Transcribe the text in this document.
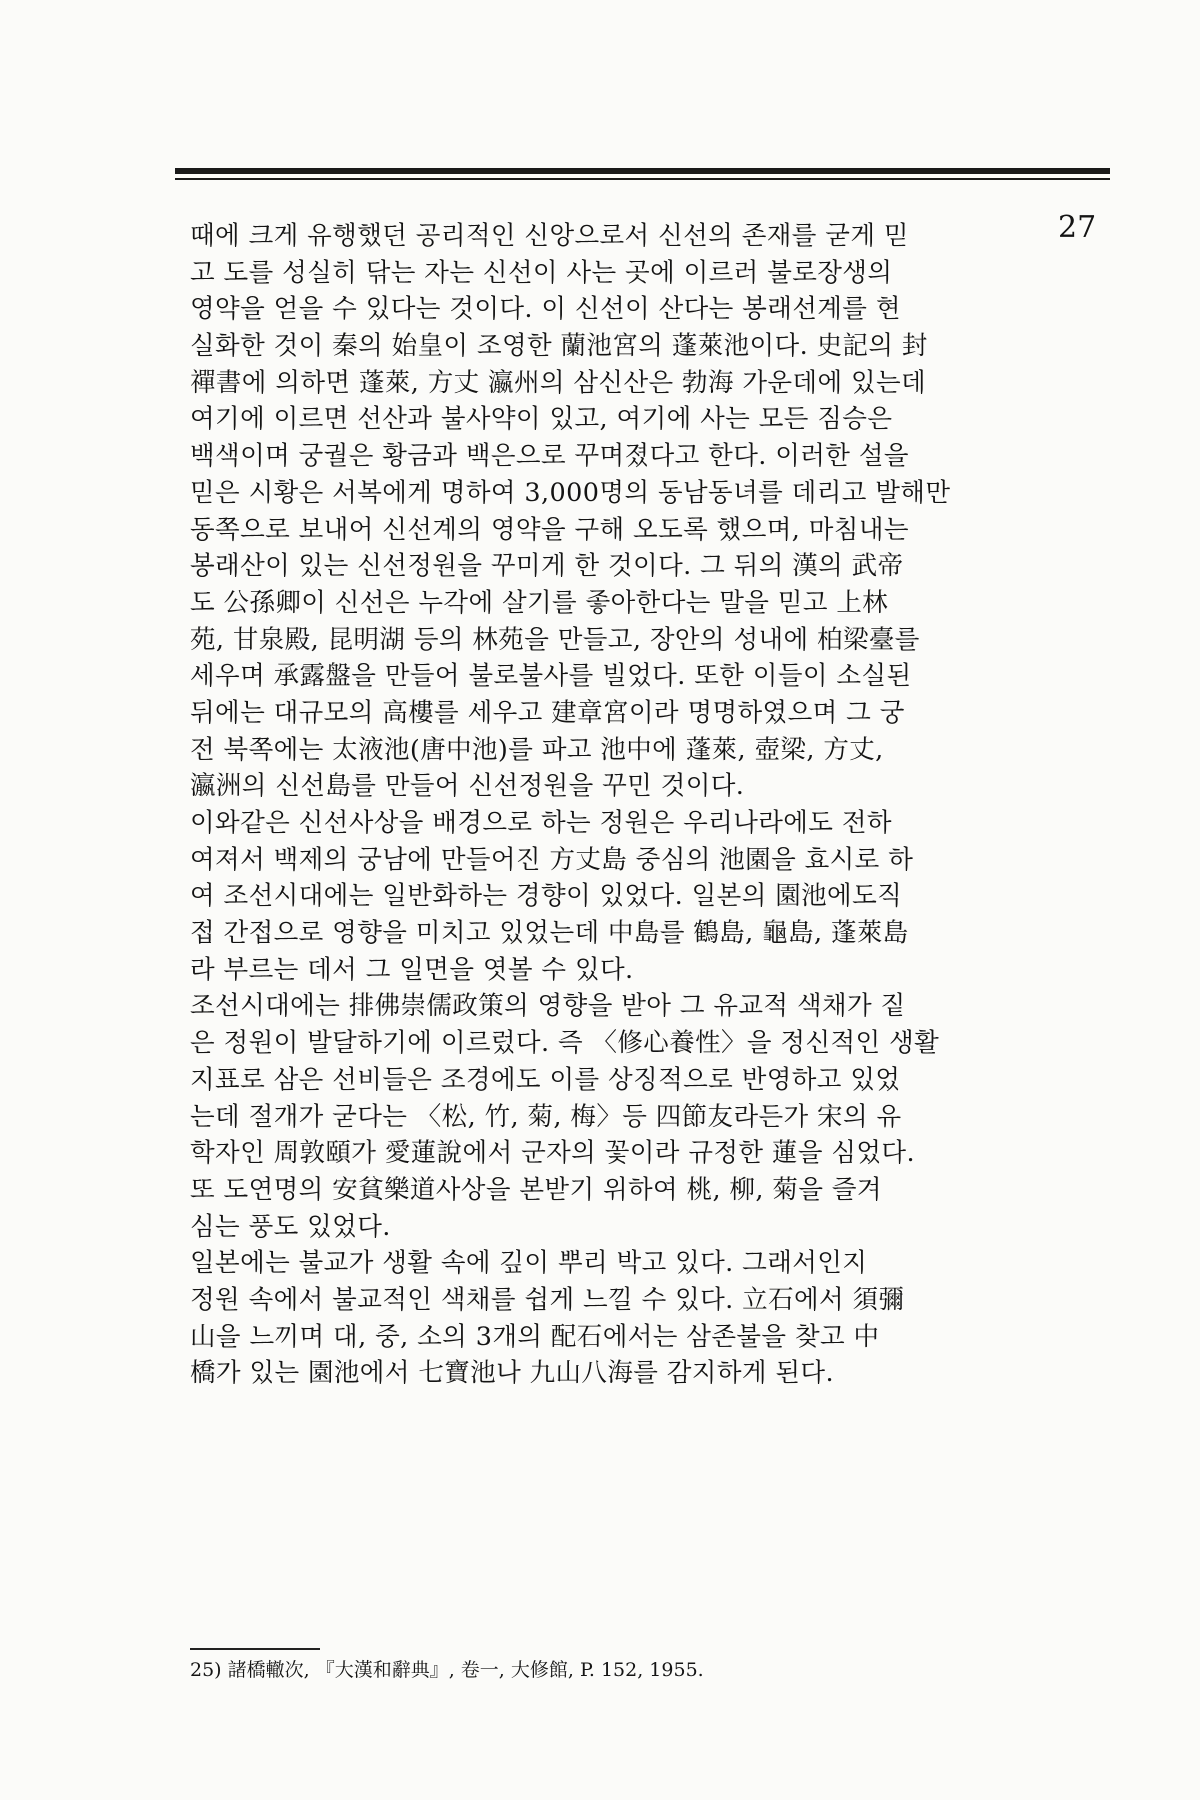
27
때에 크게 유행했던 공리적인 신앙으로서 신선의 존재를 굳게 믿
고 도를 성실히 닦는 자는 신선이 사는 곳에 이르러 불로장생의
영약을 얻을 수 있다는 것이다. 이 신선이 산다는 봉래선계를 현
실화한 것이 秦의 始皇이 조영한 蘭池宮의 蓬萊池이다. 史記의 封
禪書에 의하면 蓬萊, 方丈 瀛州의 삼신산은 勃海 가운데에 있는데
여기에 이르면 선산과 불사약이 있고, 여기에 사는 모든 짐승은
백색이며 궁궐은 황금과 백은으로 꾸며졌다고 한다. 이러한 설을
믿은 시황은 서복에게 명하여 3,000명의 동남동녀를 데리고 발해만
동쪽으로 보내어 신선계의 영약을 구해 오도록 했으며, 마침내는
봉래산이 있는 신선정원을 꾸미게 한 것이다. 그 뒤의 漢의 武帝
도 公孫卿이 신선은 누각에 살기를 좋아한다는 말을 믿고 上林
苑, 甘泉殿, 昆明湖 등의 林苑을 만들고, 장안의 성내에 柏梁臺를
세우며 承露盤을 만들어 불로불사를 빌었다. 또한 이들이 소실된
뒤에는 대규모의 高樓를 세우고 建章宮이라 명명하였으며 그 궁
전 북쪽에는 太液池(唐中池)를 파고 池中에 蓬萊, 壺梁, 方丈,
瀛洲의 신선島를 만들어 신선정원을 꾸민 것이다.
이와같은 신선사상을 배경으로 하는 정원은 우리나라에도 전하
여져서 백제의 궁남에 만들어진 方丈島 중심의 池園을 효시로 하
여 조선시대에는 일반화하는 경향이 있었다. 일본의 園池에도직
접 간접으로 영향을 미치고 있었는데 中島를 鶴島, 龜島, 蓬萊島
라 부르는 데서 그 일면을 엿볼 수 있다.
조선시대에는 排佛崇儒政策의 영향을 받아 그 유교적 색채가 짙
은 정원이 발달하기에 이르렀다. 즉 〈修心養性〉을 정신적인 생활
지표로 삼은 선비들은 조경에도 이를 상징적으로 반영하고 있었
는데 절개가 굳다는 〈松, 竹, 菊, 梅〉등 四節友라든가 宋의 유
학자인 周敦頤가 愛蓮說에서 군자의 꽃이라 규정한 蓮을 심었다.
또 도연명의 安貧樂道사상을 본받기 위하여 桃, 柳, 菊을 즐겨
심는 풍도 있었다.
일본에는 불교가 생활 속에 깊이 뿌리 박고 있다. 그래서인지
정원 속에서 불교적인 색채를 쉽게 느낄 수 있다. 立石에서 須彌
山을 느끼며 대, 중, 소의 3개의 配石에서는 삼존불을 찾고 中
橋가 있는 園池에서 七寶池나 九山八海를 감지하게 된다.
25) 諸橋轍次, 『大漢和辭典』, 卷一, 大修館, P. 152, 1955.
